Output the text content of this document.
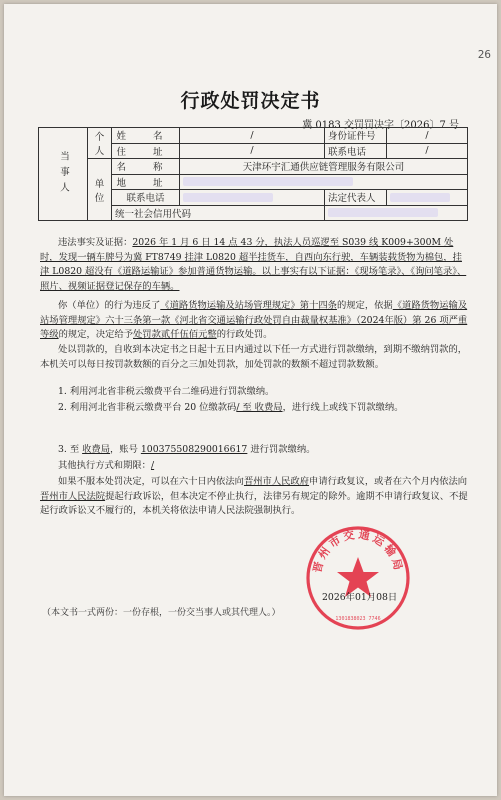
26
行政处罚决定书
冀 0183 交罚罚决字〔2026〕7 号
当事人	个人	姓 名	/	身份证件号	/
		住 址	/	联系电话	/
	单位	名 称	天津环宇汇通供应链管理服务有限公司		
		地 址			
		联系电话		法定代表人	
		统一社会信用代码			
违法事实及证据：2026 年 1 月 6 日 14 点 43 分，执法人员巡逻至 S039 线 K009+300M 处时，发现一辆车牌号为冀 FT8749 挂津 L0820 超半挂货车，自西向东行驶，车辆装载货物为棉包，挂津 L0820 超没有《道路运输证》参加普通货物运输。以上事实有以下证据：《现场笔录》、《询问笔录》、照片、视频证据登记保存的车辆。
你（单位）的行为违反了《道路货物运输及站场管理规定》第十四条的规定，依据《道路货物运输及站场管理规定》六十三条第一款《河北省交通运输行政处罚自由裁量权基准》（2024年版）第 26 项严重等级的规定，决定给予处罚款贰仟伍佰元整的行政处罚。
处以罚款的，自收到本决定书之日起十五日内通过以下任一方式进行罚款缴纳，到期不缴纳罚款的，本机关可以每日按罚款数额的百分之三加处罚款，加处罚款的数额不超过罚款数额。
1. 利用河北省非税云缴费平台二维码进行罚款缴纳。
2. 利用河北省非税云缴费平台 20 位缴款码/ 至 收费局，进行线上或线下罚款缴纳。
3. 至 收费局，账号 100375508290016617 进行罚款缴纳。
其他执行方式和期限：/
如果不服本处罚决定，可以在六十日内依法向晋州市人民政府申请行政复议，或者在六个月内依法向晋州市人民法院提起行政诉讼，但本决定不停止执行，法律另有规定的除外。逾期不申请行政复议、不提起行政诉讼又不履行的，本机关将依法申请人民法院强制执行。
晋州市交通运输局
1301838023 7746
2026年01月08日
（本文书一式两份：一份存根，一份交当事人或其代理人。）
